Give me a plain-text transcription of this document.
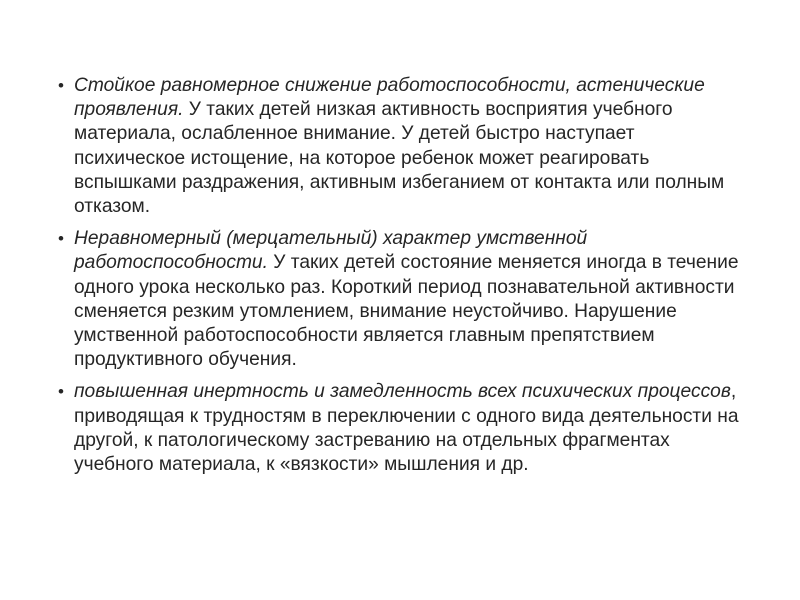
• Стойкое равномерное снижение работоспособности, астенические проявления. У таких детей низкая активность восприятия учебного материала, ослабленное внимание. У детей быстро наступает психическое истощение, на которое ребенок может реагировать вспышками раздражения, активным избеганием от контакта или полным отказом.
• Неравномерный (мерцательный) характер умственной работоспособности. У таких детей состояние меняется иногда в течение одного урока несколько раз. Короткий период познавательной активности сменяется резким утомлением, внимание неустойчиво. Нарушение умственной работоспособности является главным препятствием продуктивного обучения.
• повышенная инертность и замедленность всех психических процессов, приводящая к трудностям в переключении с одного вида деятельности на другой, к патологическому застреванию на отдельных фрагментах учебного материала, к «вязкости» мышления и др.
